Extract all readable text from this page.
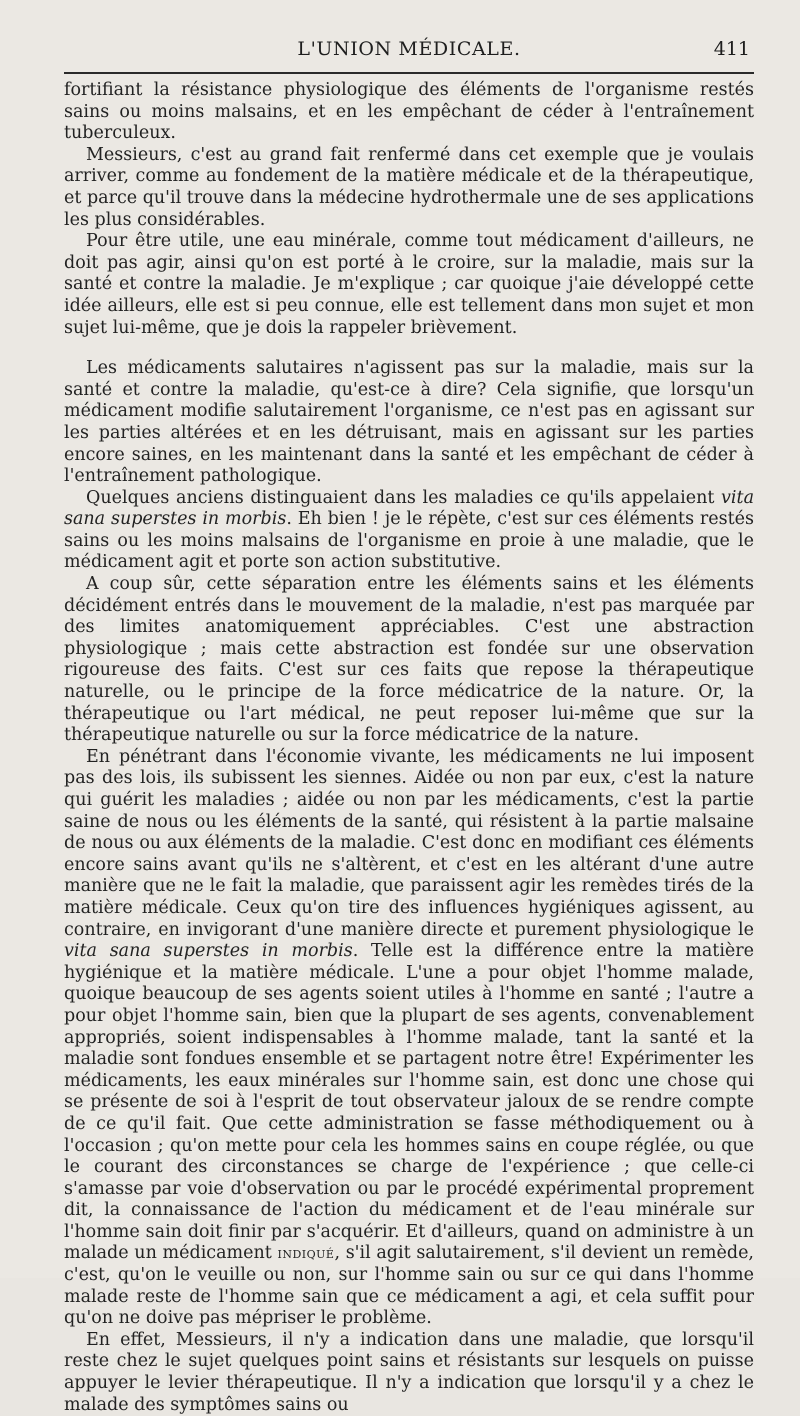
L'UNION MÉDICALE.	411

fortifiant la résistance physiologique des éléments de l'organisme restés sains ou moins malsains, et en les empêchant de céder à l'entraînement tuberculeux.

Messieurs, c'est au grand fait renfermé dans cet exemple que je voulais arriver, comme au fondement de la matière médicale et de la thérapeutique, et parce qu'il trouve dans la médecine hydrothermale une de ses applications les plus considérables.

Pour être utile, une eau minérale, comme tout médicament d'ailleurs, ne doit pas agir, ainsi qu'on est porté à le croire, sur la maladie, mais sur la santé et contre la maladie. Je m'explique ; car quoique j'aie développé cette idée ailleurs, elle est si peu connue, elle est tellement dans mon sujet et mon sujet lui-même, que je dois la rappeler brièvement.

Les médicaments salutaires n'agissent pas sur la maladie, mais sur la santé et contre la maladie, qu'est-ce à dire? Cela signifie, que lorsqu'un médicament modifie salutairement l'organisme, ce n'est pas en agissant sur les parties altérées et en les détruisant, mais en agissant sur les parties encore saines, en les maintenant dans la santé et les empêchant de céder à l'entraînement pathologique.

Quelques anciens distinguaient dans les maladies ce qu'ils appelaient vita sana superstes in morbis. Eh bien ! je le répète, c'est sur ces éléments restés sains ou les moins malsains de l'organisme en proie à une maladie, que le médicament agit et porte son action substitutive.

A coup sûr, cette séparation entre les éléments sains et les éléments décidément entrés dans le mouvement de la maladie, n'est pas marquée par des limites anatomiquement appréciables. C'est une abstraction physiologique ; mais cette abstraction est fondée sur une observation rigoureuse des faits. C'est sur ces faits que repose la thérapeutique naturelle, ou le principe de la force médicatrice de la nature. Or, la thérapeutique ou l'art médical, ne peut reposer lui-même que sur la thérapeutique naturelle ou sur la force médicatrice de la nature.

En pénétrant dans l'économie vivante, les médicaments ne lui imposent pas des lois, ils subissent les siennes. Aidée ou non par eux, c'est la nature qui guérit les maladies ; aidée ou non par les médicaments, c'est la partie saine de nous ou les éléments de la santé, qui résistent à la partie malsaine de nous ou aux éléments de la maladie. C'est donc en modifiant ces éléments encore sains avant qu'ils ne s'altèrent, et c'est en les altérant d'une autre manière que ne le fait la maladie, que paraissent agir les remèdes tirés de la matière médicale. Ceux qu'on tire des influences hygiéniques agissent, au contraire, en invigorant d'une manière directe et purement physiologique le vita sana superstes in morbis. Telle est la différence entre la matière hygiénique et la matière médicale. L'une a pour objet l'homme malade, quoique beaucoup de ses agents soient utiles à l'homme en santé ; l'autre a pour objet l'homme sain, bien que la plupart de ses agents, convenablement appropriés, soient indispensables à l'homme malade, tant la santé et la maladie sont fondues ensemble et se partagent notre être! Expérimenter les médicaments, les eaux minérales sur l'homme sain, est donc une chose qui se présente de soi à l'esprit de tout observateur jaloux de se rendre compte de ce qu'il fait. Que cette administration se fasse méthodiquement ou à l'occasion ; qu'on mette pour cela les hommes sains en coupe réglée, ou que le courant des circonstances se charge de l'expérience ; que celle-ci s'amasse par voie d'observation ou par le procédé expérimental proprement dit, la connaissance de l'action du médicament et de l'eau minérale sur l'homme sain doit finir par s'acquérir. Et d'ailleurs, quand on administre à un malade un médicament indiqué, s'il agit salutairement, s'il devient un remède, c'est, qu'on le veuille ou non, sur l'homme sain ou sur ce qui dans l'homme malade reste de l'homme sain que ce médicament a agi, et cela suffit pour qu'on ne doive pas mépriser le problème.

En effet, Messieurs, il n'y a indication dans une maladie, que lorsqu'il reste chez le sujet quelques point sains et résistants sur lesquels on puisse appuyer le levier thérapeutique. Il n'y a indication que lorsqu'il y a chez le malade des symptômes sains ou
